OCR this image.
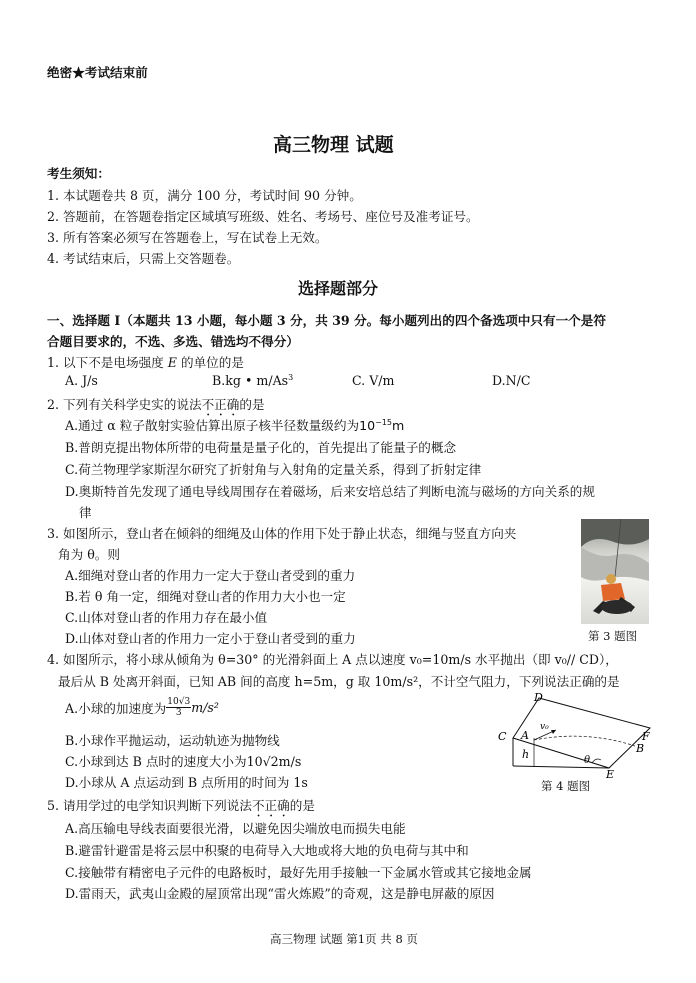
绝密★考试结束前
高三物理 试题
考生须知：
1. 本试题卷共 8 页，满分 100 分，考试时间 90 分钟。
2. 答题前，在答题卷指定区域填写班级、姓名、考场号、座位号及准考证号。
3. 所有答案必须写在答题卷上，写在试卷上无效。
4. 考试结束后，只需上交答题卷。
选择题部分
一、选择题 I（本题共 13 小题，每小题 3 分，共 39 分。每小题列出的四个备选项中只有一个是符
合题目要求的，不选、多选、错选均不得分）
1. 以下不是电场强度 E 的单位的是
A. J/s	B.kg • m/As$^3$	C. V/m	D.N/C
2. 下列有关科学史实的说法不正确的是
A.通过 α 粒子散射实验估算出原子核半径数量级约为$10^{-15}m$
B.普朗克提出物体所带的电荷量是量子化的，首先提出了能量子的概念
C.荷兰物理学家斯涅尔研究了折射角与入射角的定量关系，得到了折射定律
D.奥斯特首先发现了通电导线周围存在着磁场，后来安培总结了判断电流与磁场的方向关系的规
律
3. 如图所示，登山者在倾斜的细绳及山体的作用下处于静止状态，细绳与竖直方向夹
角为 θ。则
A.细绳对登山者的作用力一定大于登山者受到的重力
B.若 θ 角一定，细绳对登山者的作用力大小也一定
C.山体对登山者的作用力存在最小值
D.山体对登山者的作用力一定小于登山者受到的重力	第 3 题图
4. 如图所示，将小球从倾角为 θ=30° 的光滑斜面上 A 点以速度 v₀=10m/s 水平抛出（即 v₀// CD），
最后从 B 处离开斜面，已知 AB 间的高度 h=5m，g 取 10m/s²，不计空气阻力，下列说法正确的是
A.小球的加速度为 $\frac{10√3}{3}m/s^2$
B.小球作平抛运动，运动轨迹为抛物线
C.小球到达 B 点时的速度大小为10√2m/s
D.小球从 A 点运动到 B 点所用的时间为 1s
D
C A
v₀
B
F
E
h	θ
第 4 题图
5. 请用学过的电学知识判断下列说法不正确的是
A.高压输电导线表面要很光滑，以避免因尖端放电而损失电能
B.避雷针避雷是将云层中积聚的电荷导入大地或将大地的负电荷与其中和
C.接触带有精密电子元件的电路板时，最好先用手接触一下金属水管或其它接地金属
D.雷雨天，武夷山金殿的屋顶常出现“雷火炼殿”的奇观，这是静电屏蔽的原因
高三物理 试题 第1页 共 8 页
